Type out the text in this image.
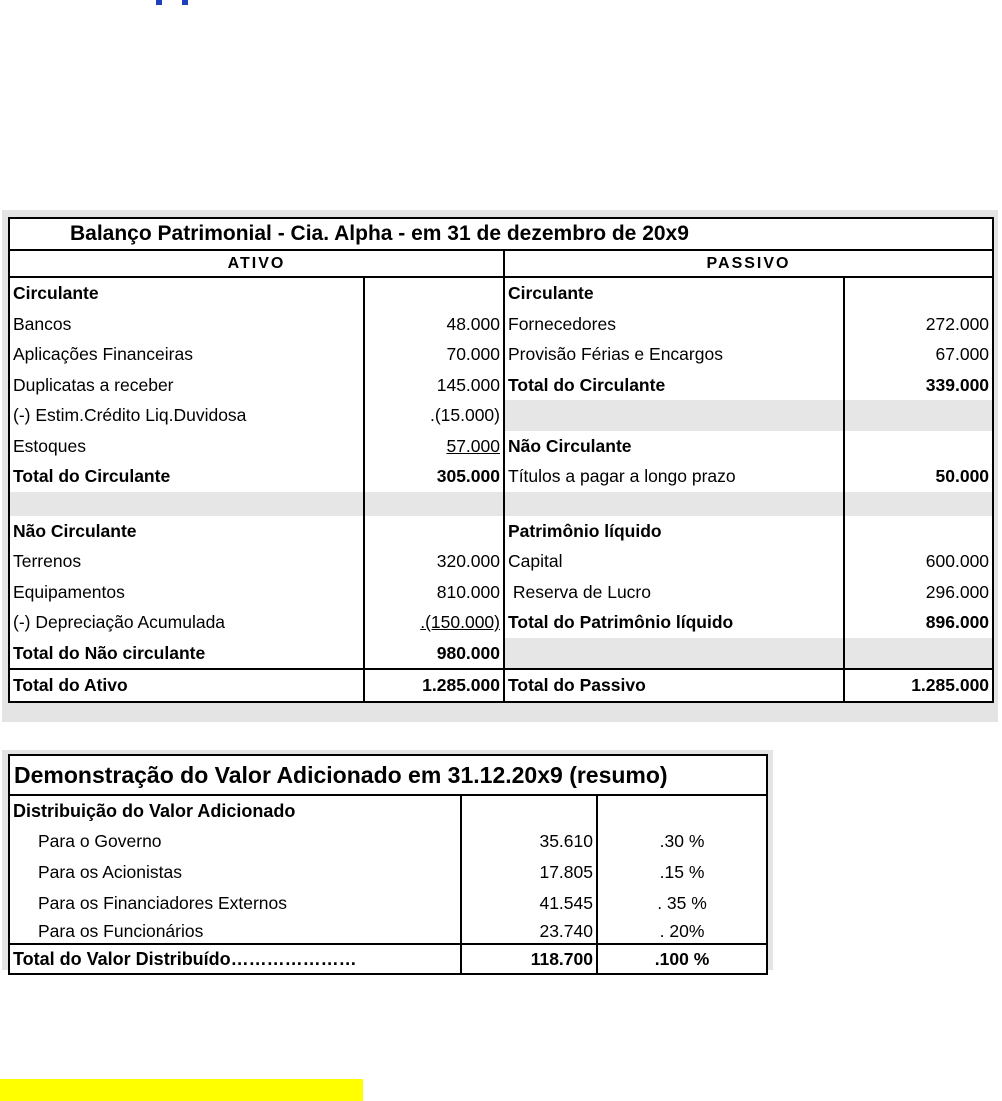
Balanço Patrimonial - Cia. Alpha - em 31 de dezembro de 20x9			
ATIVO		PASSIVO	
Circulante		Circulante	
Bancos	48.000	Fornecedores	272.000
Aplicações Financeiras	70.000	Provisão Férias e Encargos	67.000
Duplicatas a receber	145.000	Total do Circulante	339.000
(-) Estim.Crédito Liq.Duvidosa	.(15.000)		
Estoques	57.000	Não Circulante	
Total do Circulante	305.000	Títulos a pagar a longo prazo	50.000

Não Circulante		Patrimônio líquido	
Terrenos	320.000	Capital	600.000
Equipamentos	810.000	Reserva de Lucro	296.000
(-) Depreciação Acumulada	.(150.000)	Total do Patrimônio líquido	896.000
Total do Não circulante	980.000		
Total do Ativo	1.285.000	Total do Passivo	1.285.000
Demonstração do Valor Adicionado em 31.12.20x9 (resumo)		
Distribuição do Valor Adicionado		
Para o Governo	35.610	.30 %
Para os Acionistas	17.805	.15 %
Para os Financiadores Externos	41.545	. 35 %
Para os Funcionários	23.740	. 20%
Total do Valor Distribuído…………………	118.700	.100 %
